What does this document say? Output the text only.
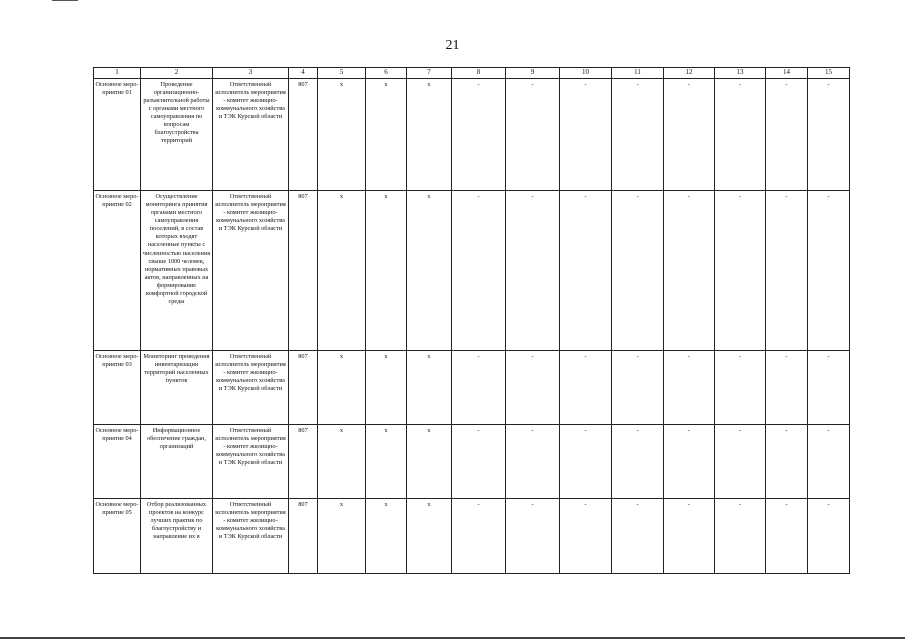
21
1	2	3	4	5	6	7	8	9	10	11	12	13	14	15
Основное меро-приятие 01	Проведение организационно-разъяснительной работы с органами местного самоуправления по вопросам благоустройства территорий	Ответственный исполнитель мероприятия - комитет жилищно-коммунального хозяйства и ТЭК Курской области	807	x	x	x	-	-	-	-	-	-	-	-
Основное меро-приятие 02	Осуществление мониторинга принятия органами местного самоуправления поселений, в состав которых входят населенные пункты с численностью населения свыше 1000 человек, нормативных правовых актов, направленных на формирование комфортной городской среды	Ответственный исполнитель мероприятия - комитет жилищно-коммунального хозяйства и ТЭК Курской области	807	x	x	x	-	-	-	-	-	-	-	-
Основное меро-приятие 03	Мониторинг проведения инвентаризации территорий населенных пунктов	Ответственный исполнитель мероприятия - комитет жилищно-коммунального хозяйства и ТЭК Курской области	807	x	x	x	-	-	-	-	-	-	-	-
Основное меро-приятие 04	Информационное обеспечение граждан, организаций	Ответственный исполнитель мероприятия - комитет жилищно-коммунального хозяйства и ТЭК Курской области	807	x	x	x	-	-	-	-	-	-	-	-
Основное меро-приятие 05	Отбор реализованных проектов на конкурс лучших практик по благоустройству и направление их в	Ответственный исполнитель мероприятия - комитет жилищно-коммунального хозяйства и ТЭК Курской области	807	x	x	x	-	-	-	-	-	-	-	-
